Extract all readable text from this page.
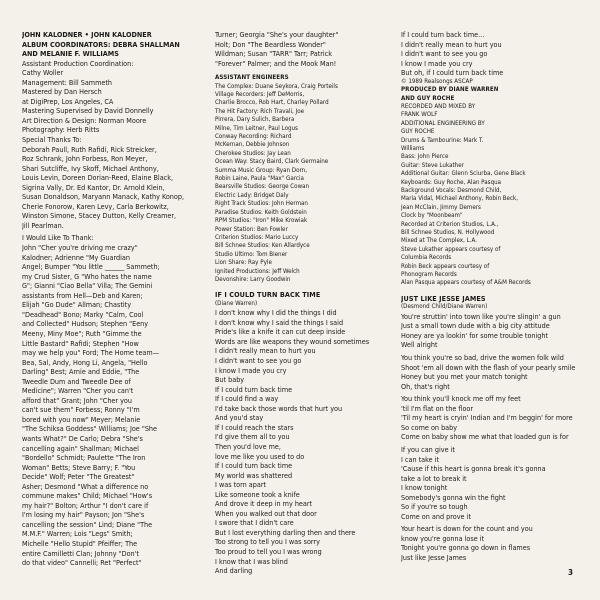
JOHN KALODNER • JOHN KALODNER
ALBUM COORDINATORS: DEBRA SHALLMAN
AND MELANIE F. WILLIAMS
Assistant Production Coordination:
Cathy Woller
Management: Bill Sammeth
Mastered by Dan Hersch
at DigiPrep, Los Angeles, CA
Mastering Supervised by David Donnelly
Art Direction & Design: Norman Moore
Photography: Herb Ritts
Special Thanks To:
Deborah Paull, Ruth Rafidi, Rick Streicker,
Roz Schrank, John Forbess, Ron Meyer,
Shari Sutcliffe, Ivy Skoff, Michael Anthony,
Louis Levin, Doreen Dorian-Reed, Elaine Black,
Sigrina Vally, Dr. Ed Kantor, Dr. Arnold Klein,
Susan Donaldson, Maryann Manack, Kathy Konop,
Cherie Fonorow, Karen Levy, Carla Berkowitz,
Winston Simone, Stacey Dutton, Kelly Creamer,
Jill Pearlman.
I Would Like To Thank:
John "Cher you're driving me crazy"
Kalodner; Adrienne "My Guardian
Angel; Bumper "You little ______ Sammeth;
my Crud Sister, G "Who hates the name
G"; Gianni "Ciao Bella" Villa; The Gemini
assistants from Hell—Deb and Karen;
Elijah "Go Dude" Allman; Chastity
"Deadhead" Bono; Marky "Calm, Cool
and Collected" Hudson; Stephen "Eeny
Meeny, Miny Moe"; Ruth "Gimme the
Little Bastard" Rafidi; Stephen "How
may we help you" Ford; The Home team—
Bea, Sal, Andy, Hong Li, Angela, "Hello
Darling" Best; Arnie and Eddie, "The
Tweedle Dum and Tweedle Dee of
Medicine"; Warren "Cher you can't
afford that" Grant; John "Cher you
can't sue them" Forbess; Ronny "I'm
bored with you now" Meyer; Melanie
"The Schiksa Goddess" Williams; Joe "She
wants What?" De Carlo; Debra "She's
cancelling again" Shallman; Michael
"Bordello" Schmidt; Paulette "The Iron
Woman" Betts; Steve Barry; F. "You
Decide" Wolf; Peter "The Greatest"
Asher; Desmond "What a difference no
commune makes" Child; Michael "How's
my hair?" Bolton; Arthur "I don't care if
I'm losing my hair" Payson; Jon "She's
cancelling the session" Lind; Diane "The
M.M.F." Warren; Lois "Legs" Smith;
Michelle "Hello Stupid" Pfeiffer; The
entire Camilletti Clan; Johnny "Don't
do that video" Cannelli; Ret "Perfect"
Turner; Georgia "She's your daughter"
Holt; Don "The Beardless Wonder"
Wildman; Susan "TARR" Tarr; Patrick
"Forever" Palmer; and the Mook Man!
ASSISTANT ENGINEERS
The Complex: Duane Seykora, Craig Porteils
Village Recorders: Jeff DeMorris,
Charlie Brocco, Rob Hart, Charley Pollard
The Hit Factory: Rich Travali, Joe
Pirrera, Dary Sulich, Barbera
Milne, Tim Leitner, Paul Logus
Conway Recording: Richard
McKernan, Debbie Johnson
Cherokee Studios: Jay Lean
Ocean Way: Stacy Baird, Clark Germaine
Summa Music Group: Ryan Dorn,
Robin Laine, Paula "Max" Garcia
Bearsville Studios: George Cowan
Electric Lady: Bridget Daly
Right Track Studios: John Herman
Paradise Studios: Keith Goldstein
RPM Studios: "Iron" Mike Krowiak
Power Station: Ben Fowler
Criterion Studios: Mario Luccy
Bill Schnee Studios: Ken Allardyce
Studio Ultimo: Tom Biener
Lion Share: Ray Pyle
Ignited Productions: Jeff Welch
Devonshire: Larry Goodwin
IF I COULD TURN BACK TIME
(Diane Warren)
I don't know why I did the things I did
I don't know why I said the things I said
Pride's like a knife it can cut deep inside
Words are like weapons they wound sometimes
I didn't really mean to hurt you
I didn't want to see you go
I know I made you cry
But baby
If I could turn back time
If I could find a way
I'd take back those words that hurt you
And you'd stay
If I could reach the stars
I'd give them all to you
Then you'd love me,
love me like you used to do
If I could turn back time
My world was shattered
I was torn apart
Like someone took a knife
And drove it deep in my heart
When you walked out that door
I swore that I didn't care
But I lost everything darling then and there
Too strong to tell you I was sorry
Too proud to tell you I was wrong
I know that I was blind
And darling
If I could turn back time...
I didn't really mean to hurt you
I didn't want to see you go
I know I made you cry
But oh, if I could turn back time
© 1989 Realsongs ASCAP
PRODUCED BY DIANE WARREN
AND GUY ROCHE
RECORDED AND MIXED BY
FRANK WOLF
ADDITIONAL ENGINEERING BY
GUY ROCHE
Drums & Tambourine: Mark T.
Williams
Bass: John Pierce
Guitar: Steve Lukather
Additional Guitar: Glenn Sciurba, Gene Black
Keyboards: Guy Roche, Alan Pasqua
Background Vocals: Desmond Child,
Maria Vidal, Michael Anthony, Robin Beck,
Jean McClain, Jimmy Demers
Clock by "Moonbeam"
Recorded at Criterion Studios, L.A.,
Bill Schnee Studios, N. Hollywood
Mixed at The Complex, L.A.
Steve Lukather appears courtesy of
Columbia Records
Robin Beck appears courtesy of
Phonogram Records
Alan Pasqua appears courtesy of A&M Records
JUST LIKE JESSE JAMES
(Desmond Child/Diane Warren)
You're struttin' into town like you're slingin' a gun
Just a small town dude with a big city attitude
Honey are ya lookin' for some trouble tonight
Well alright
You think you're so bad, drive the women folk wild
Shoot 'em all down with the flash of your pearly smile
Honey but you met your match tonight
Oh, that's right
You think you'll knock me off my feet
'til I'm flat on the floor
'Til my heart is cryin' Indian and I'm beggin' for more
So come on baby
Come on baby show me what that loaded gun is for
If you can give it
I can take it
'Cause if this heart is gonna break it's gonna
take a lot to break it
I know tonight
Somebody's gonna win the fight
So if you're so tough
Come on and prove it
Your heart is down for the count and you
know you're gonna lose it
Tonight you're gonna go down in flames
Just like Jesse James
3
